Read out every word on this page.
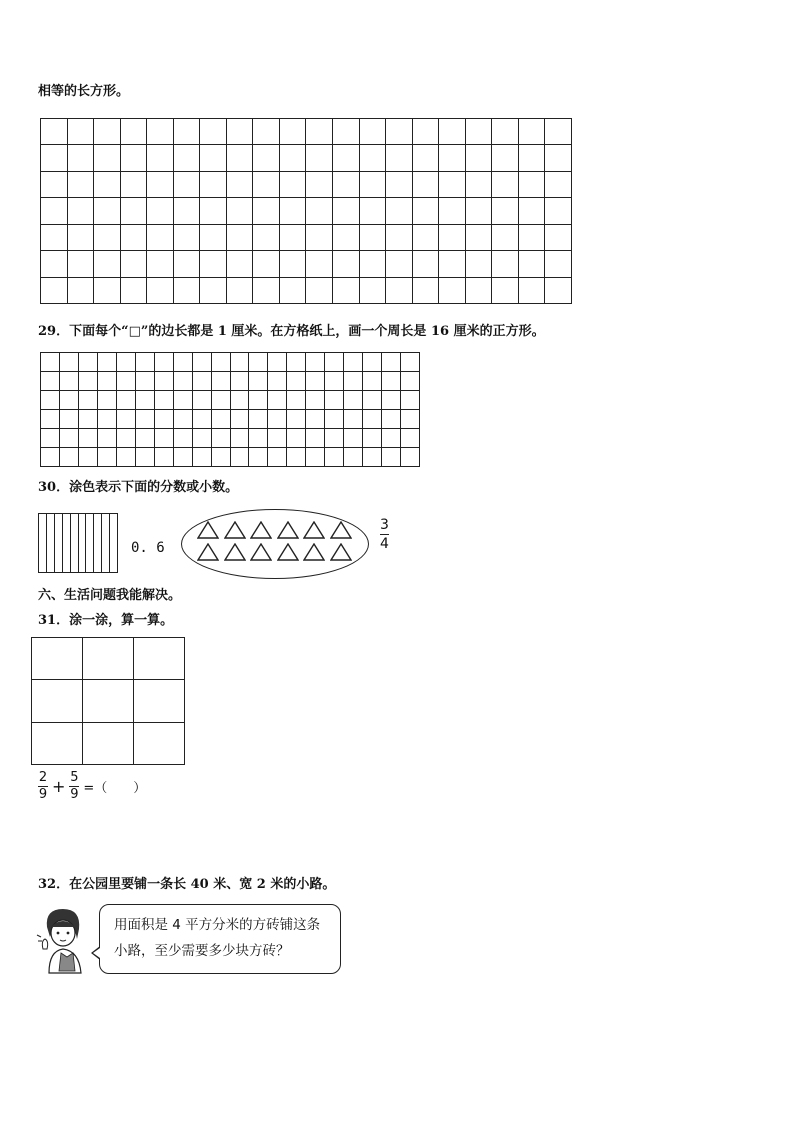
相等的长方形。
29．下面每个“□”的边长都是 1 厘米。在方格纸上，画一个周长是 16 厘米的正方形。
30．涂色表示下面的分数或小数。
0. 6
3
4
六、生活问题我能解决。
31．涂一涂，算一算。
2
9 + 5
9 =（　　）
32．在公园里要铺一条长 40 米、宽 2 米的小路。
用面积是 4 平方分米的方砖铺这条
小路，至少需要多少块方砖？
